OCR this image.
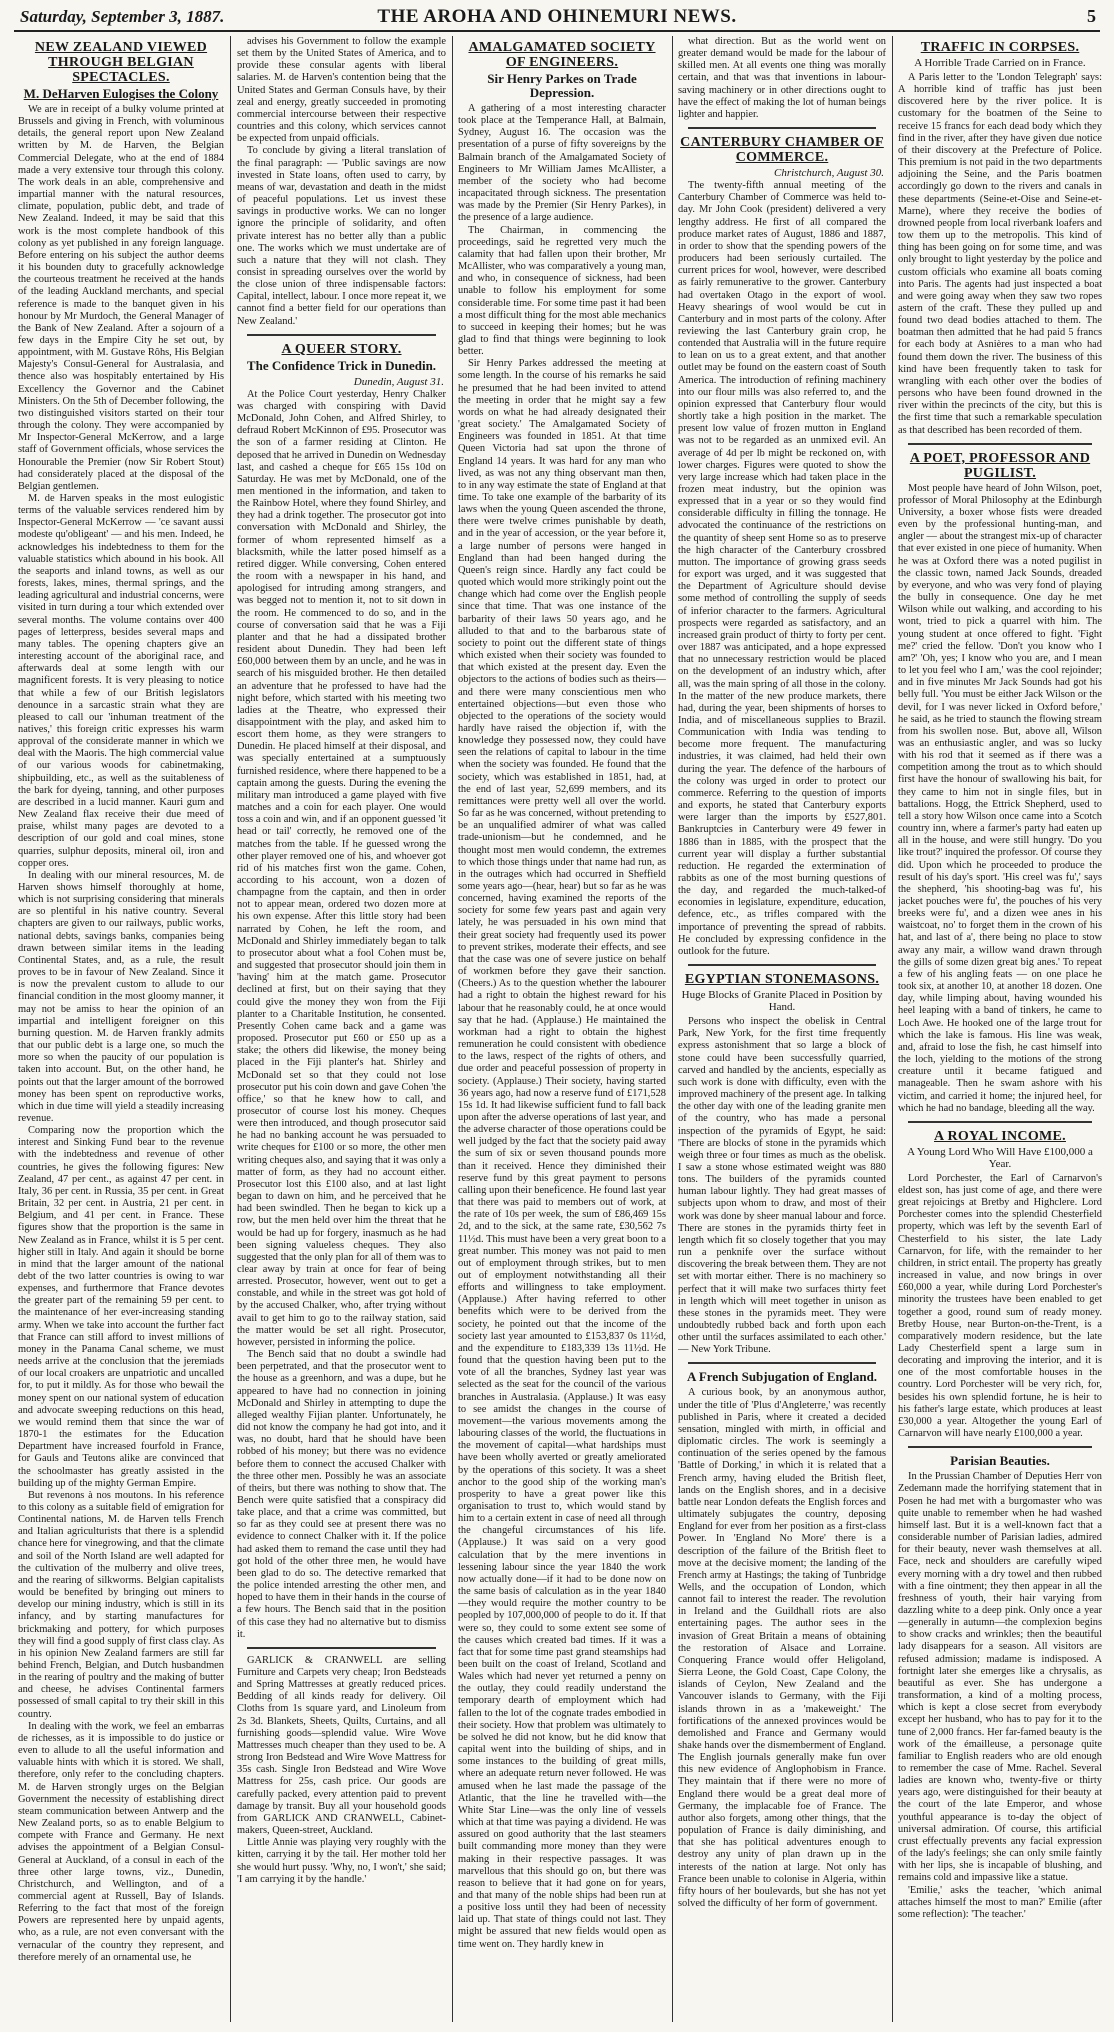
Saturday, September 3, 1887.	THE AROHA AND OHINEMURI NEWS.	5
NEW ZEALAND VIEWED THROUGH BELGIAN SPECTACLES.
M. DeHarven Eulogises the Colony

We are in receipt of a bulky volume printed at Brussels and giving in French, with voluminous details, the general report upon New Zealand written by M. de Harven, the Belgian Commercial Delegate, who at the end of 1884 made a very extensive tour through this colony. The work deals in an able, comprehensive and impartial manner with the natural resources, climate, population, public debt, and trade of New Zealand. Indeed, it may be said that this work is the most complete handbook of this colony as yet published in any foreign language. Before entering on his subject the author deems it his bounden duty to gracefully acknowledge the courteous treatment he received at the hands of the leading Auckland merchants, and special reference is made to the banquet given in his honour by Mr Murdoch, the General Manager of the Bank of New Zealand. After a sojourn of a few days in the Empire City he set out, by appointment, with M. Gustave Rôhs, His Belgian Majesty's Consul-General for Australasia, and thence also was hospitably entertained by His Excellency the Governor and the Cabinet Ministers. On the 5th of December following, the two distinguished visitors started on their tour through the colony. They were accompanied by Mr Inspector-General McKerrow, and a large staff of Government officials, whose services the Honourable the Premier (now Sir Robert Stout) had considerately placed at the disposal of the Belgian gentlemen.

M. de Harven speaks in the most eulogistic terms of the valuable services rendered him by Inspector-General McKerrow — 'ce savant aussi modeste qu'obligeant' — and his men. Indeed, he acknowledges his indebtedness to them for the valuable statistics which abound in his book. All the seaports and inland towns, as well as our forests, lakes, mines, thermal springs, and the leading agricultural and industrial concerns, were visited in turn during a tour which extended over several months. The volume contains over 400 pages of letterpress, besides several maps and many tables. The opening chapters give an interesting account of the aboriginal race, and afterwards deal at some length with our magnificent forests. It is very pleasing to notice that while a few of our British legislators denounce in a sarcastic strain what they are pleased to call our 'inhuman treatment of the natives,' this foreign critic expresses his warm approval of the considerate manner in which we deal with the Maoris. The high commercial value of our various woods for cabinetmaking, shipbuilding, etc., as well as the suitableness of the bark for dyeing, tanning, and other purposes are described in a lucid manner. Kauri gum and New Zealand flax receive their due meed of praise, whilst many pages are devoted to a description of our gold and coal mines, stone quarries, sulphur deposits, mineral oil, iron and copper ores.

In dealing with our mineral resources, M. de Harven shows himself thoroughly at home, which is not surprising considering that minerals are so plentiful in his native country. Several chapters are given to our railways, public works, national debts, savings banks, companies being drawn between similar items in the leading Continental States, and, as a rule, the result proves to be in favour of New Zealand. Since it is now the prevalent custom to allude to our financial condition in the most gloomy manner, it may not be amiss to hear the opinion of an impartial and intelligent foreigner on this burning question. M. de Harven frankly admits that our public debt is a large one, so much the more so when the paucity of our population is taken into account. But, on the other hand, he points out that the larger amount of the borrowed money has been spent on reproductive works, which in due time will yield a steadily increasing revenue.

Comparing now the proportion which the interest and Sinking Fund bear to the revenue with the indebtedness and revenue of other countries, he gives the following figures: New Zealand, 47 per cent., as against 47 per cent. in Italy, 36 per cent. in Russia, 35 per cent. in Great Britain, 32 per cent. in Austria, 21 per cent. in Belgium, and 41 per cent. in France. These figures show that the proportion is the same in New Zealand as in France, whilst it is 5 per cent. higher still in Italy. And again it should be borne in mind that the larger amount of the national debt of the two latter countries is owing to war expenses, and furthermore that France devotes the greater part of the remaining 59 per cent. to the maintenance of her ever-increasing standing army. When we take into account the further fact that France can still afford to invest millions of money in the Panama Canal scheme, we must needs arrive at the conclusion that the jeremiads of our local croakers are unpatriotic and uncalled for, to put it mildly. As for those who bewail the money spent on our national system of education and advocate sweeping reductions on this head, we would remind them that since the war of 1870-1 the estimates for the Education Department have increased fourfold in France, for Gauls and Teutons alike are convinced that the schoolmaster has greatly assisted in the building up of the mighty German Empire.

But revenons à nos moutons. In his reference to this colony as a suitable field of emigration for Continental nations, M. de Harven tells French and Italian agriculturists that there is a splendid chance here for vinegrowing, and that the climate and soil of the North Island are well adapted for the cultivation of the mulberry and olive trees, and the rearing of silkworms. Belgian capitalists would be benefited by bringing out miners to develop our mining industry, which is still in its infancy, and by starting manufactures for brickmaking and pottery, for which purposes they will find a good supply of first class clay. As in his opinion New Zealand farmers are still far behind French, Belgian, and Dutch husbandmen in the rearing of poultry and the making of butter and cheese, he advises Continental farmers possessed of small capital to try their skill in this country.

In dealing with the work, we feel an embarras de richesses, as it is impossible to do justice or even to allude to all the useful information and valuable hints with which it is stored. We shall, therefore, only refer to the concluding chapters. M. de Harven strongly urges on the Belgian Government the necessity of establishing direct steam communication between Antwerp and the New Zealand ports, so as to enable Belgium to compete with France and Germany. He next advises the appointment of a Belgian Consul-General at Auckland, of a consul in each of the three other large towns, viz., Dunedin, Christchurch, and Wellington, and of a commercial agent at Russell, Bay of Islands. Referring to the fact that most of the foreign Powers are represented here by unpaid agents, who, as a rule, are not even conversant with the vernacular of the country they represent, and therefore merely of an ornamental use, he

advises his Government to follow the example set them by the United States of America, and to provide these consular agents with liberal salaries. M. de Harven's contention being that the United States and German Consuls have, by their zeal and energy, greatly succeeded in promoting commercial intercourse between their respective countries and this colony, which services cannot be expected from unpaid officials.

To conclude by giving a literal translation of the final paragraph: — 'Public savings are now invested in State loans, often used to carry, by means of war, devastation and death in the midst of peaceful populations. Let us invest these savings in productive works. We can no longer ignore the principle of solidarity, and often private interest has no better ally than a public one. The works which we must undertake are of such a nature that they will not clash. They consist in spreading ourselves over the world by the close union of three indispensable factors: Capital, intellect, labour. I once more repeat it, we cannot find a better field for our operations than New Zealand.'

A QUEER STORY.
The Confidence Trick in Dunedin.
Dunedin, August 31.

At the Police Court yesterday, Henry Chalker was charged with conspiring with David McDonald, John Cohen, and Alfred Shirley, to defraud Robert McKinnon of £95. Prosecutor was the son of a farmer residing at Clinton. He deposed that he arrived in Dunedin on Wednesday last, and cashed a cheque for £65 15s 10d on Saturday. He was met by McDonald, one of the men mentioned in the information, and taken to the Rainbow Hotel, where they found Shirley, and they had a drink together. The prosecutor got into conversation with McDonald and Shirley, the former of whom represented himself as a blacksmith, while the latter posed himself as a retired digger. While conversing, Cohen entered the room with a newspaper in his hand, and apologised for intruding among strangers, and was begged not to mention it, not to sit down in the room. He commenced to do so, and in the course of conversation said that he was a Fiji planter and that he had a dissipated brother resident about Dunedin. They had been left £60,000 between them by an uncle, and he was in search of his misguided brother. He then detailed an adventure that he professed to have had the night before, which started with his meeting two ladies at the Theatre, who expressed their disappointment with the play, and asked him to escort them home, as they were strangers to Dunedin. He placed himself at their disposal, and was specially entertained at a sumptuously furnished residence, where there happened to be a captain among the guests. During the evening the military man introduced a game played with five matches and a coin for each player. One would toss a coin and win, and if an opponent guessed 'it head or tail' correctly, he removed one of the matches from the table. If he guessed wrong the other player removed one of his, and whoever got rid of his matches first won the game. Cohen, according to his account, won a dozen of champagne from the captain, and then in order not to appear mean, ordered two dozen more at his own expense. After this little story had been narrated by Cohen, he left the room, and McDonald and Shirley immediately began to talk to prosecutor about what a fool Cohen must be, and suggested that prosecutor should join them in 'having' him at the match game. Prosecutor declined at first, but on their saying that they could give the money they won from the Fiji planter to a Charitable Institution, he consented. Presently Cohen came back and a game was proposed. Prosecutor put £60 or £50 up as a stake; the others did likewise, the money being placed in the Fiji planter's hat. Shirley and McDonald set so that they could not lose prosecutor put his coin down and gave Cohen 'the office,' so that he knew how to call, and prosecutor of course lost his money. Cheques were then introduced, and though prosecutor said he had no banking account he was persuaded to write cheques for £100 or so more, the other men writing cheques also, and saying that it was only a matter of form, as they had no account either. Prosecutor lost this £100 also, and at last light began to dawn on him, and he perceived that he had been swindled. Then he began to kick up a row, but the men held over him the threat that he would be had up for forgery, inasmuch as he had been signing valueless cheques. They also suggested that the only plan for all of them was to clear away by train at once for fear of being arrested. Prosecutor, however, went out to get a constable, and while in the street was got hold of by the accused Chalker, who, after trying without avail to get him to go to the railway station, said the matter would be set all right. Prosecutor, however, persisted in informing the police.

The Bench said that no doubt a swindle had been perpetrated, and that the prosecutor went to the house as a greenhorn, and was a dupe, but he appeared to have had no connection in joining McDonald and Shirley in attempting to dupe the alleged wealthy Fijian planter. Unfortunately, he did not know the company he had got into, and it was, no doubt, hard that he should have been robbed of his money; but there was no evidence before them to connect the accused Chalker with the three other men. Possibly he was an associate of theirs, but there was nothing to show that. The Bench were quite satisfied that a conspiracy did take place, and that a crime was committed, but so far as they could see at present there was no evidence to connect Chalker with it. If the police had asked them to remand the case until they had got hold of the other three men, he would have been glad to do so. The detective remarked that the police intended arresting the other men, and hoped to have them in their hands in the course of a few hours. The Bench said that in the position of this case they had no alternative but to dismiss it.

GARLICK & CRANWELL are selling Furniture and Carpets very cheap; Iron Bedsteads and Spring Mattresses at greatly reduced prices. Bedding of all kinds ready for delivery. Oil Cloths from 1s square yard, and Linoleum from 2s 3d. Blankets, Sheets, Quilts, Curtains, and all furnishing goods—splendid value. Wire Wove Mattresses much cheaper than they used to be. A strong Iron Bedstead and Wire Wove Mattress for 35s cash. Single Iron Bedstead and Wire Wove Mattress for 25s, cash price. Our goods are carefully packed, every attention paid to prevent damage by transit. Buy all your household goods from GARLICK AND CRANWELL, Cabinet-makers, Queen-street, Auckland.

Little Annie was playing very roughly with the kitten, carrying it by the tail. Her mother told her she would hurt pussy. 'Why, no, I won't,' she said; 'I am carrying it by the handle.'

AMALGAMATED SOCIETY OF ENGINEERS.
Sir Henry Parkes on Trade Depression.

A gathering of a most interesting character took place at the Temperance Hall, at Balmain, Sydney, August 16. The occasion was the presentation of a purse of fifty sovereigns by the Balmain branch of the Amalgamated Society of Engineers to Mr William James McAllister, a member of the society who had become incapacitated through sickness. The presentation was made by the Premier (Sir Henry Parkes), in the presence of a large audience.

The Chairman, in commencing the proceedings, said he regretted very much the calamity that had fallen upon their brother, Mr McAllister, who was comparatively a young man, and who, in consequence of sickness, had been unable to follow his employment for some considerable time. For some time past it had been a most difficult thing for the most able mechanics to succeed in keeping their homes; but he was glad to find that things were beginning to look better.

Sir Henry Parkes addressed the meeting at some length. In the course of his remarks he said he presumed that he had been invited to attend the meeting in order that he might say a few words on what he had already designated their 'great society.' The Amalgamated Society of Engineers was founded in 1851. At that time Queen Victoria had sat upon the throne of England 14 years. It was hard for any man who lived, as was not any thing observant man then, to in any way estimate the state of England at that time. To take one example of the barbarity of its laws when the young Queen ascended the throne, there were twelve crimes punishable by death, and in the year of accession, or the year before it, a large number of persons were hanged in England than had been hanged during the Queen's reign since. Hardly any fact could be quoted which would more strikingly point out the change which had come over the English people since that time. That was one instance of the barbarity of their laws 50 years ago, and he alluded to that and to the barbarous state of society to point out the different state of things which existed when their society was founded to that which existed at the present day. Even the objectors to the actions of bodies such as theirs—and there were many conscientious men who entertained objections—but even those who objected to the operations of the society would hardly have raised the objection if, with the knowledge they possessed now, they could have seen the relations of capital to labour in the time when the society was founded. He found that the society, which was established in 1851, had, at the end of last year, 52,699 members, and its remittances were pretty well all over the world. So far as he was concerned, without pretending to be an unqualified admirer of what was called trade-unionism—but he condemned, and he thought most men would condemn, the extremes to which those things under that name had run, as in the outrages which had occurred in Sheffield some years ago—(hear, hear) but so far as he was concerned, having examined the reports of the society for some few years past and again very lately, he was persuaded in his own mind that their great society had frequently used its power to prevent strikes, moderate their effects, and see that the case was one of severe justice on behalf of workmen before they gave their sanction. (Cheers.) As to the question whether the labourer had a right to obtain the highest reward for his labour that he reasonably could, he at once would say that he had. (Applause.) He maintained the workman had a right to obtain the highest remuneration he could consistent with obedience to the laws, respect of the rights of others, and due order and peaceful possession of property in society. (Applause.) Their society, having started 36 years ago, had now a reserve fund of £171,528 15s 1d. It had likewise sufficient fund to fall back upon after the adverse operations of last year, and the adverse character of those operations could be well judged by the fact that the society paid away the sum of six or seven thousand pounds more than it received. Hence they diminished their reserve fund by this great payment to persons calling upon their beneficence. He found last year that there was paid to members out of work, at the rate of 10s per week, the sum of £86,469 15s 2d, and to the sick, at the same rate, £30,562 7s 11½d. This must have been a very great boon to a great number. This money was not paid to men out of employment through strikes, but to men out of employment notwithstanding all their efforts and willingness to take employment. (Applause.) After having referred to other benefits which were to be derived from the society, he pointed out that the income of the society last year amounted to £153,837 0s 11½d, and the expenditure to £183,339 13s 11½d. He found that the question having been put to the vote of all the branches, Sydney last year was selected as the seat for the council of the various branches in Australasia. (Applause.) It was easy to see amidst the changes in the course of movement—the various movements among the labouring classes of the world, the fluctuations in the movement of capital—what hardships must have been wholly averted or greatly ameliorated by the operations of this society. It was a sheet anchor to the good ship of the working man's prosperity to have a great power like this organisation to trust to, which would stand by him to a certain extent in case of need all through the changeful circumstances of his life. (Applause.) It was said on a very good calculation that by the mere inventions in lessening labour since the year 1840 the work now actually done—if it had to be done now on the same basis of calculation as in the year 1840—they would require the mother country to be peopled by 107,000,000 of people to do it. If that were so, they could to some extent see some of the causes which created bad times. If it was a fact that for some time past grand steamships had been built on the coast of Ireland, Scotland and Wales which had never yet returned a penny on the outlay, they could readily understand the temporary dearth of employment which had fallen to the lot of the cognate trades embodied in their society. How that problem was ultimately to be solved he did not know, but he did know that capital went into the building of ships, and in some instances to the building of great mills, where an adequate return never followed. He was amused when he last made the passage of the Atlantic, that the line he travelled with—the White Star Line—was the only line of vessels which at that time was paying a dividend. He was assured on good authority that the last steamers built commanding more money than they were making in their respective passages. It was marvellous that this should go on, but there was reason to believe that it had gone on for years, and that many of the noble ships had been run at a positive loss until they had been of necessity laid up. That state of things could not last. They might be assured that new fields would open as time went on. They hardly knew in

what direction. But as the world went on greater demand would be made for the labour of skilled men. At all events one thing was morally certain, and that was that inventions in labour-saving machinery or in other directions ought to have the effect of making the lot of human beings lighter and happier.

CANTERBURY CHAMBER OF COMMERCE.
Christchurch, August 30.

The twenty-fifth annual meeting of the Canterbury Chamber of Commerce was held to-day. Mr John Cook (president) delivered a very lengthy address. He first of all compared the produce market rates of August, 1886 and 1887, in order to show that the spending powers of the producers had been seriously curtailed. The current prices for wool, however, were described as fairly remunerative to the grower. Canterbury had overtaken Otago in the export of wool. Heavy shearings of wool would be cut in Canterbury and in most parts of the colony. After reviewing the last Canterbury grain crop, he contended that Australia will in the future require to lean on us to a great extent, and that another outlet may be found on the eastern coast of South America. The introduction of refining machinery into our flour mills was also referred to, and the opinion expressed that Canterbury flour would shortly take a high position in the market. The present low value of frozen mutton in England was not to be regarded as an unmixed evil. An average of 4d per lb might be reckoned on, with lower charges. Figures were quoted to show the very large increase which had taken place in the frozen meat industry, but the opinion was expressed that in a year or so they would find considerable difficulty in filling the tonnage. He advocated the continuance of the restrictions on the quantity of sheep sent Home so as to preserve the high character of the Canterbury crossbred mutton. The importance of growing grass seeds for export was urged, and it was suggested that the Department of Agriculture should devise some method of controlling the supply of seeds of inferior character to the farmers. Agricultural prospects were regarded as satisfactory, and an increased grain product of thirty to forty per cent. over 1887 was anticipated, and a hope expressed that no unnecessary restriction would be placed on the development of an industry which, after all, was the main spring of all those in the colony. In the matter of the new produce markets, there had, during the year, been shipments of horses to India, and of miscellaneous supplies to Brazil. Communication with India was tending to become more frequent. The manufacturing industries, it was claimed, had held their own during the year. The defence of the harbours of the colony was urged in order to protect our commerce. Referring to the question of imports and exports, he stated that Canterbury exports were larger than the imports by £527,801. Bankruptcies in Canterbury were 49 fewer in 1886 than in 1885, with the prospect that the current year will display a further substantial reduction. He regarded the extermination of rabbits as one of the most burning questions of the day, and regarded the much-talked-of economies in legislature, expenditure, education, defence, etc., as trifles compared with the importance of preventing the spread of rabbits. He concluded by expressing confidence in the outlook for the future.

EGYPTIAN STONEMASONS.
Huge Blocks of Granite Placed in Position by Hand.

Persons who inspect the obelisk in Central Park, New York, for the first time frequently express astonishment that so large a block of stone could have been successfully quarried, carved and handled by the ancients, especially as such work is done with difficulty, even with the improved machinery of the present age. In talking the other day with one of the leading granite men of the country, who has made a personal inspection of the pyramids of Egypt, he said: 'There are blocks of stone in the pyramids which weigh three or four times as much as the obelisk. I saw a stone whose estimated weight was 880 tons. The builders of the pyramids counted human labour lightly. They had great masses of subjects upon whom to draw, and most of their work was done by sheer manual labour and force. There are stones in the pyramids thirty feet in length which fit so closely together that you may run a penknife over the surface without discovering the break between them. They are not set with mortar either. There is no machinery so perfect that it will make two surfaces thirty feet in length which will meet together in unison as these stones in the pyramids meet. They were undoubtedly rubbed back and forth upon each other until the surfaces assimilated to each other.' — New York Tribune.

A French Subjugation of England.

A curious book, by an anonymous author, under the title of 'Plus d'Angleterre,' was recently published in Paris, where it created a decided sensation, mingled with mirth, in official and diplomatic circles. The work is seemingly a continuation of the series opened by the famous 'Battle of Dorking,' in which it is related that a French army, having eluded the British fleet, lands on the English shores, and in a decisive battle near London defeats the English forces and ultimately subjugates the country, deposing England for ever from her position as a first-class Power. In 'England No More' there is a description of the failure of the British fleet to move at the decisive moment; the landing of the French army at Hastings; the taking of Tunbridge Wells, and the occupation of London, which cannot fail to interest the reader. The revolution in Ireland and the Guildhall riots are also entertaining pages. The author sees in the invasion of Great Britain a means of obtaining the restoration of Alsace and Lorraine. Conquering France would offer Heligoland, Sierra Leone, the Gold Coast, Cape Colony, the islands of Ceylon, New Zealand and the Vancouver islands to Germany, with the Fiji islands thrown in as a 'makeweight.' The fortifications of the annexed provinces would be demolished and France and Germany would shake hands over the dismemberment of England. The English journals generally make fun over this new evidence of Anglophobism in France. They maintain that if there were no more of England there would be a great deal more of Germany, the implacable foe of France. The author also forgets, among other things, that the population of France is daily diminishing, and that she has political adventures enough to destroy any unity of plan drawn up in the interests of the nation at large. Not only has France been unable to colonise in Algeria, within fifty hours of her boulevards, but she has not yet solved the difficulty of her form of government.

TRAFFIC IN CORPSES.
A Horrible Trade Carried on in France.

A Paris letter to the 'London Telegraph' says: A horrible kind of traffic has just been discovered here by the river police. It is customary for the boatmen of the Seine to receive 15 francs for each dead body which they find in the river, after they have given due notice of their discovery at the Prefecture of Police. This premium is not paid in the two departments adjoining the Seine, and the Paris boatmen accordingly go down to the rivers and canals in these departments (Seine-et-Oise and Seine-et-Marne), where they receive the bodies of drowned people from local riverbank loafers and tow them up to the metropolis. This kind of thing has been going on for some time, and was only brought to light yesterday by the police and custom officials who examine all boats coming into Paris. The agents had just inspected a boat and were going away when they saw two ropes astern of the craft. These they pulled up and found two dead bodies attached to them. The boatman then admitted that he had paid 5 francs for each body at Asnières to a man who had found them down the river. The business of this kind have been frequently taken to task for wrangling with each other over the bodies of persons who have been found drowned in the river within the precincts of the city, but this is the first time that such a remarkable speculation as that described has been recorded of them.

A POET, PROFESSOR AND PUGILIST.

Most people have heard of John Wilson, poet, professor of Moral Philosophy at the Edinburgh University, a boxer whose fists were dreaded even by the professional hunting-man, and angler — about the strangest mix-up of character that ever existed in one piece of humanity. When he was at Oxford there was a noted pugilist in the classic town, named Jack Sounds, dreaded by everyone, and who was very fond of playing the bully in consequence. One day he met Wilson while out walking, and according to his wont, tried to pick a quarrel with him. The young student at once offered to fight. 'Fight me?' cried the fellow. 'Don't you know who I am?' 'Oh, yes; I know who you are, and I mean to let you feel who I am,' was the cool rejoinder; and in five minutes Mr Jack Sounds had got his belly full. 'You must be either Jack Wilson or the devil, for I was never licked in Oxford before,' he said, as he tried to staunch the flowing stream from his swollen nose. But, above all, Wilson was an enthusiastic angler, and was so lucky with his rod that it seemed as if there was a competition among the trout as to which should first have the honour of swallowing his bait, for they came to him not in single files, but in battalions. Hogg, the Ettrick Shepherd, used to tell a story how Wilson once came into a Scotch country inn, where a farmer's party had eaten up all in the house, and were still hungry. 'Do you like trout?' inquired the professor. Of course they did. Upon which he proceeded to produce the result of his day's sport. 'His creel was fu',' says the shepherd, 'his shooting-bag was fu', his jacket pouches were fu', the pouches of his very breeks were fu', and a dizen wee anes in his waistcoat, no' to forget them in the crown of his hat, and last of a', there being no place to stow away any mair, a willow wand drawn through the gills of some dizen great big anes.' To repeat a few of his angling feats — on one place he took six, at another 10, at another 18 dozen. One day, while limping about, having wounded his heel leaping with a band of tinkers, he came to Loch Awe. He hooked one of the large trout for which the lake is famous. His line was weak, and, afraid to lose the fish, he cast himself into the loch, yielding to the motions of the strong creature until it became fatigued and manageable. Then he swam ashore with his victim, and carried it home; the injured heel, for which he had no bandage, bleeding all the way.

A ROYAL INCOME.
A Young Lord Who Will Have £100,000 a Year.

Lord Porchester, the Earl of Carnarvon's eldest son, has just come of age, and there were great rejoicings at Bretby and Highclere. Lord Porchester comes into the splendid Chesterfield property, which was left by the seventh Earl of Chesterfield to his sister, the late Lady Carnarvon, for life, with the remainder to her children, in strict entail. The property has greatly increased in value, and now brings in over £60,000 a year, while during Lord Porchester's minority the trustees have been enabled to get together a good, round sum of ready money. Bretby House, near Burton-on-the-Trent, is a comparatively modern residence, but the late Lady Chesterfield spent a large sum in decorating and improving the interior, and it is one of the most comfortable houses in the country. Lord Porchester will be very rich, for, besides his own splendid fortune, he is heir to his father's large estate, which produces at least £30,000 a year. Altogether the young Earl of Carnarvon will have nearly £100,000 a year.

Parisian Beauties.

In the Prussian Chamber of Deputies Herr von Zedemann made the horrifying statement that in Posen he had met with a burgomaster who was quite unable to remember when he had washed himself last. But it is a well-known fact that a considerable number of Parisian ladies, admired for their beauty, never wash themselves at all. Face, neck and shoulders are carefully wiped every morning with a dry towel and then rubbed with a fine ointment; they then appear in all the freshness of youth, their hair varying from dazzling white to a deep pink. Only once a year—generally in autumn—the complexion begins to show cracks and wrinkles; then the beautiful lady disappears for a season. All visitors are refused admission; madame is indisposed. A fortnight later she emerges like a chrysalis, as beautiful as ever. She has undergone a transformation, a kind of a molting process, which is kept a close secret from everybody except her husband, who has to pay for it to the tune of 2,000 francs. Her far-famed beauty is the work of the émailleuse, a personage quite familiar to English readers who are old enough to remember the case of Mme. Rachel. Several ladies are known who, twenty-five or thirty years ago, were distinguished for their beauty at the court of the late Emperor, and whose youthful appearance is to-day the object of universal admiration. Of course, this artificial crust effectually prevents any facial expression of the lady's feelings; she can only smile faintly with her lips, she is incapable of blushing, and remains cold and impassive like a statue.

'Emilie,' asks the teacher, 'which animal attaches himself the most to man?' Emilie (after some reflection): 'The teacher.'
